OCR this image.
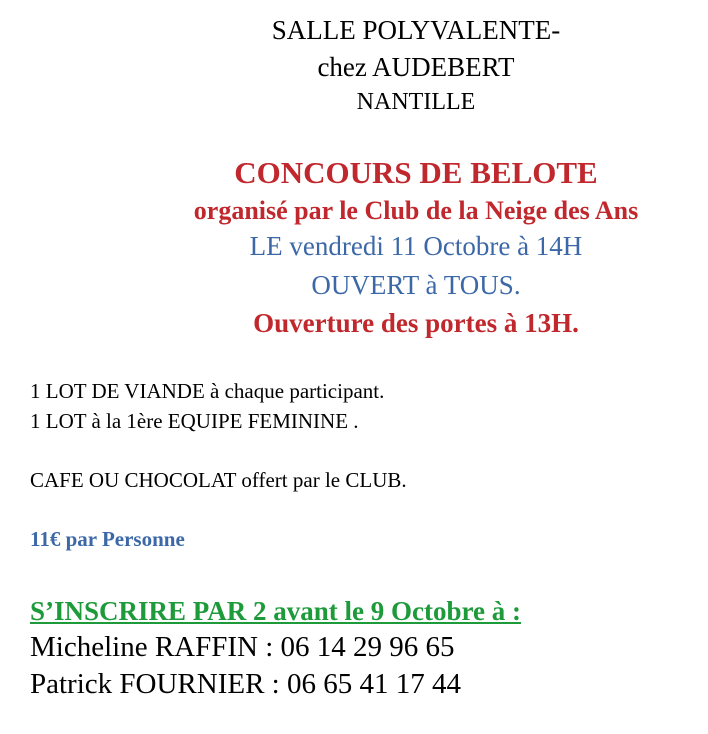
SALLE POLYVALENTE-
chez AUDEBERT
NANTILLE
CONCOURS DE BELOTE
organisé par le Club de la Neige des Ans
LE vendredi 11 Octobre à 14H
OUVERT à TOUS.
Ouverture des portes à 13H.
1 LOT DE VIANDE à chaque participant.
1 LOT à la 1ère EQUIPE FEMININE .
CAFE OU CHOCOLAT offert par le CLUB.
11€ par Personne
S’INSCRIRE PAR 2 avant le 9 Octobre à :
Micheline RAFFIN : 06 14 29 96 65
Patrick FOURNIER : 06 65 41 17 44
